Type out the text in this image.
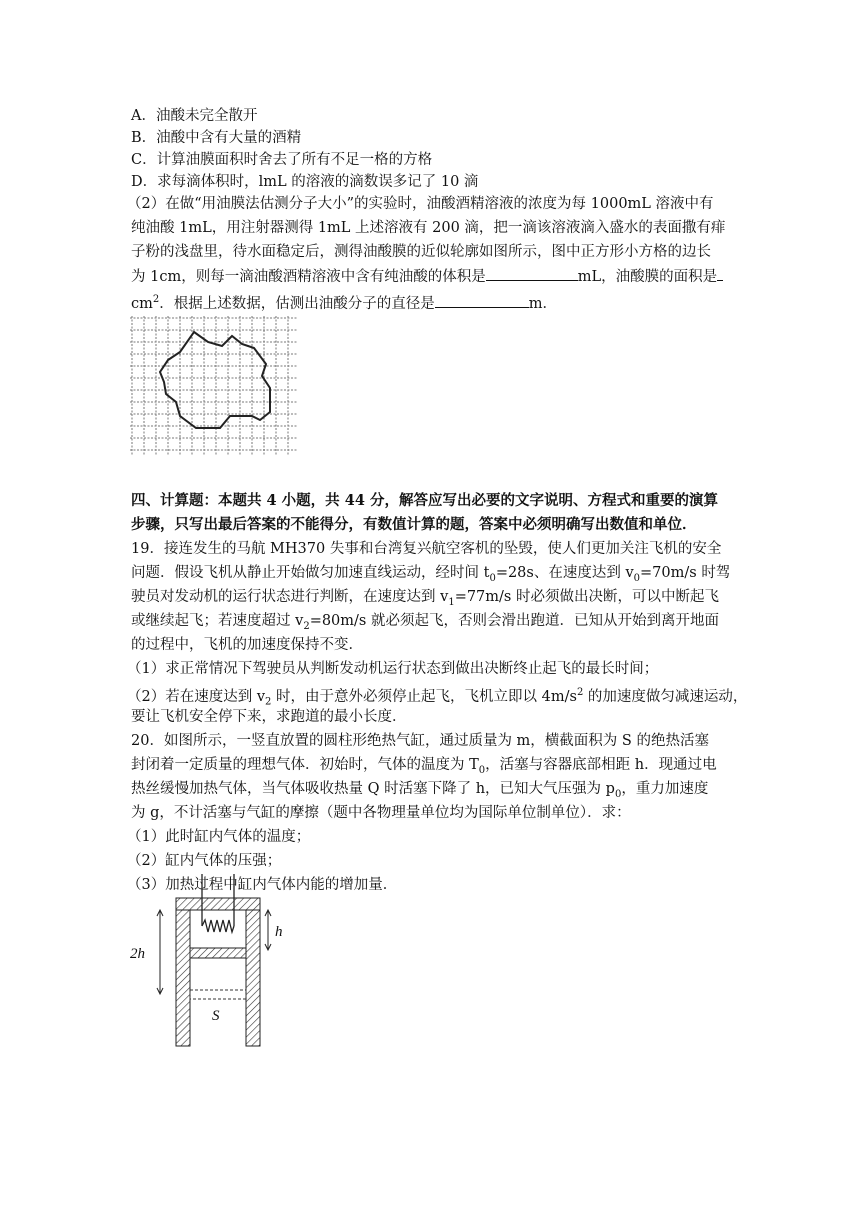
A．油酸未完全散开
B．油酸中含有大量的酒精
C．计算油膜面积时舍去了所有不足一格的方格
D．求每滴体积时，lmL 的溶液的滴数误多记了 10 滴
（2）在做“用油膜法估测分子大小”的实验时，油酸酒精溶液的浓度为每 1000mL 溶液中有
纯油酸 1mL，用注射器测得 1mL 上述溶液有 200 滴，把一滴该溶液滴入盛水的表面撒有痱
子粉的浅盘里，待水面稳定后，测得油酸膜的近似轮廓如图所示，图中正方形小方格的边长
为 1cm，则每一滴油酸酒精溶液中含有纯油酸的体积是	mL，油酸膜的面积是
$cm^2$．根据上述数据，估测出油酸分子的直径是	m．
四、计算题：本题共 4 小题，共 44 分，解答应写出必要的文字说明、方程式和重要的演算
步骤，只写出最后答案的不能得分，有数值计算的题，答案中必须明确写出数值和单位．
19．接连发生的马航 MH370 失事和台湾复兴航空客机的坠毁，使人们更加关注飞机的安全
问题．假设飞机从静止开始做匀加速直线运动，经时间 $t_0=28s$、在速度达到 $v_0=70m/s$ 时驾
驶员对发动机的运行状态进行判断，在速度达到 $v_1=77m/s$ 时必须做出决断，可以中断起飞
或继续起飞；若速度超过 $v_2=80m/s$ 就必须起飞，否则会滑出跑道．已知从开始到离开地面
的过程中，飞机的加速度保持不变．
（1）求正常情况下驾驶员从判断发动机运行状态到做出决断终止起飞的最长时间；
（2）若在速度达到 $v_2$ 时，由于意外必须停止起飞，飞机立即以 $4m/s^2$ 的加速度做匀减速运动，
要让飞机安全停下来，求跑道的最小长度．
20．如图所示，一竖直放置的圆柱形绝热气缸，通过质量为 m，横截面积为 S 的绝热活塞
封闭着一定质量的理想气体．初始时，气体的温度为 $T_0$，活塞与容器底部相距 h．现通过电
热丝缓慢加热气体，当气体吸收热量 Q 时活塞下降了 h，已知大气压强为 $p_0$，重力加速度
为 g，不计活塞与气缸的摩擦（题中各物理量单位均为国际单位制单位）．求：
（1）此时缸内气体的温度；
（2）缸内气体的压强；
（3）加热过程中缸内气体内能的增加量．
2h
h
S
